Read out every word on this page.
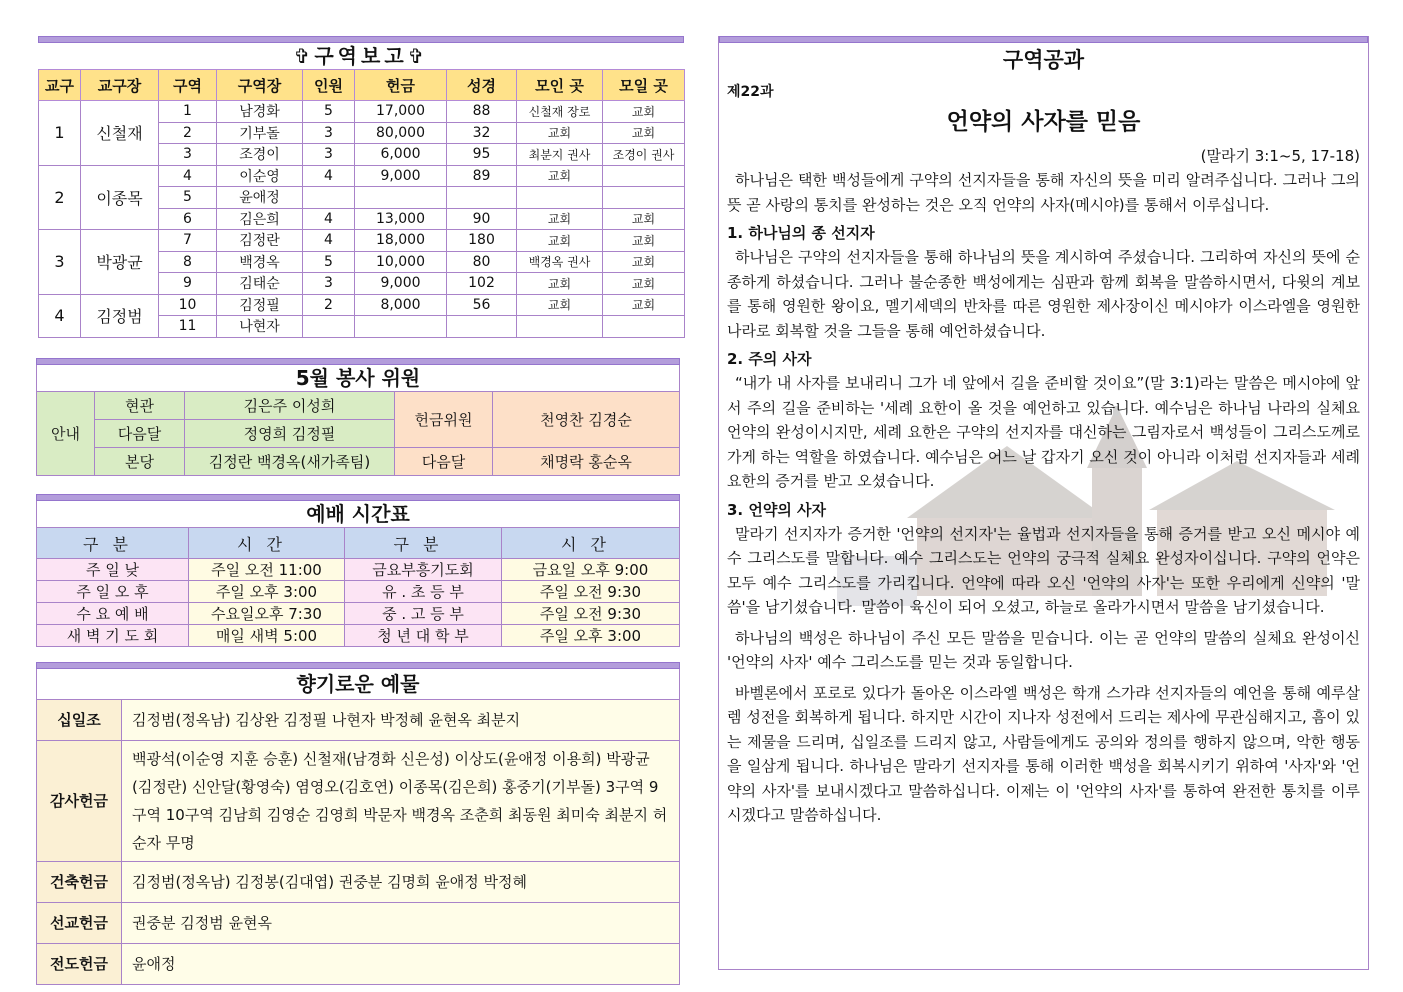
✞구역보고✞
교구	교구장	구역	구역장	인원	헌금	성경	모인 곳	모일 곳
1	신철재	1	남경화	5	17,000	88	신철재 장로	교회
		2	기부돌	3	80,000	32	교회	교회
		3	조경이	3	6,000	95	최분지 권사	조경이 권사
2	이종목	4	이순영	4	9,000	89	교회	
		5	윤애정					
		6	김은희	4	13,000	90	교회	교회
3	박광균	7	김정란	4	18,000	180	교회	교회
		8	백경옥	5	10,000	80	백경옥 권사	교회
		9	김태순	3	9,000	102	교회	교회
4	김정범	10	김정필	2	8,000	56	교회	교회
		11	나현자					
5월 봉사 위원
안내	현관	김은주 이성희	헌금위원	천영찬 김경순
	다음달	정영희 김정필		
	본당	김정란 백경옥(새가족팀)	다음달	채명락 홍순옥
예배 시간표
구분	시간	구분	시간
주 일 낮	주일 오전 11:00	금요부흥기도회	금요일 오후 9:00
주 일 오 후	주일 오후 3:00	유 . 초 등 부	주일 오전 9:30
수 요 예 배	수요일오후 7:30	중 . 고 등 부	주일 오전 9:30
새 벽 기 도 회	매일 새벽 5:00	청 년 대 학 부	주일 오후 3:00
향기로운 예물
십일조	김정범(정옥남) 김상완 김정필 나현자 박정혜 윤현옥 최분지
감사헌금	백광석(이순영 지훈 승훈) 신철재(남경화 신은성) 이상도(윤애정 이용희) 박광균(김정란) 신안달(황영숙) 염영오(김호연) 이종목(김은희) 홍중기(기부돌) 3구역 9구역 10구역 김남희 김영순 김영희 박문자 백경옥 조춘희 최동원 최미숙 최분지 허순자 무명
건축헌금	김정범(정옥남) 김정봉(김대엽) 권중분 김명희 윤애정 박정혜
선교헌금	권중분 김정범 윤현옥
전도헌금	윤애정
구역공과
제22과
언약의 사자를 믿음
(말라기 3:1~5, 17-18)

하나님은 택한 백성들에게 구약의 선지자들을 통해 자신의 뜻을 미리 알려주십니다. 그러나 그의 뜻 곧 사랑의 통치를 완성하는 것은 오직 언약의 사자(메시야)를 통해서 이루십니다.

1. 하나님의 종 선지자

하나님은 구약의 선지자들을 통해 하나님의 뜻을 계시하여 주셨습니다. 그리하여 자신의 뜻에 순종하게 하셨습니다. 그러나 불순종한 백성에게는 심판과 함께 회복을 말씀하시면서, 다윗의 계보를 통해 영원한 왕이요, 멜기세덱의 반차를 따른 영원한 제사장이신 메시야가 이스라엘을 영원한 나라로 회복할 것을 그들을 통해 예언하셨습니다.

2. 주의 사자

“내가 내 사자를 보내리니 그가 네 앞에서 길을 준비할 것이요”(말 3:1)라는 말씀은 메시야에 앞서 주의 길을 준비하는 '세례 요한이 올 것을 예언하고 있습니다. 예수님은 하나님 나라의 실체요 언약의 완성이시지만, 세례 요한은 구약의 선지자를 대신하는 그림자로서 백성들이 그리스도께로 가게 하는 역할을 하였습니다. 예수님은 어느 날 갑자기 오신 것이 아니라 이처럼 선지자들과 세례 요한의 증거를 받고 오셨습니다.

3. 언약의 사자

말라기 선지자가 증거한 '언약의 선지자'는 율법과 선지자들을 통해 증거를 받고 오신 메시야 예수 그리스도를 말합니다. 예수 그리스도는 언약의 궁극적 실체요 완성자이십니다. 구약의 언약은 모두 예수 그리스도를 가리킵니다. 언약에 따라 오신 '언약의 사자'는 또한 우리에게 신약의 '말씀'을 남기셨습니다. 말씀이 육신이 되어 오셨고, 하늘로 올라가시면서 말씀을 남기셨습니다.

하나님의 백성은 하나님이 주신 모든 말씀을 믿습니다. 이는 곧 언약의 말씀의 실체요 완성이신 '언약의 사자' 예수 그리스도를 믿는 것과 동일합니다.

바벨론에서 포로로 있다가 돌아온 이스라엘 백성은 학개 스가랴 선지자들의 예언을 통해 예루살렘 성전을 회복하게 됩니다. 하지만 시간이 지나자 성전에서 드리는 제사에 무관심해지고, 흠이 있는 제물을 드리며, 십일조를 드리지 않고, 사람들에게도 공의와 정의를 행하지 않으며, 악한 행동을 일삼게 됩니다. 하나님은 말라기 선지자를 통해 이러한 백성을 회복시키기 위하여 '사자'와 '언약의 사자'를 보내시겠다고 말씀하십니다. 이제는 이 '언약의 사자'를 통하여 완전한 통치를 이루시겠다고 말씀하십니다.
